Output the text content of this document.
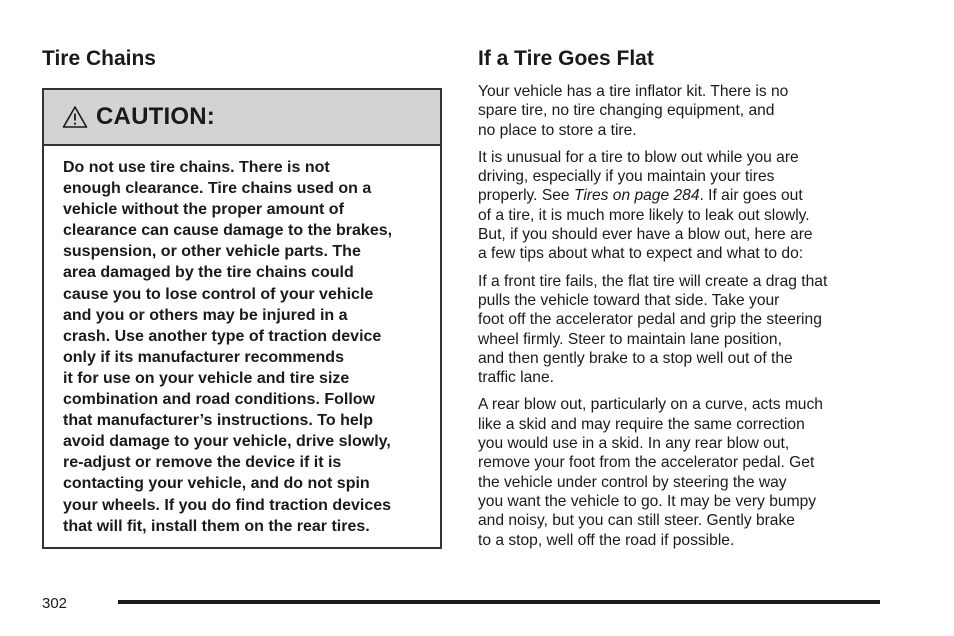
Tire Chains
CAUTION:
Do not use tire chains. There is not
enough clearance. Tire chains used on a
vehicle without the proper amount of
clearance can cause damage to the brakes,
suspension, or other vehicle parts. The
area damaged by the tire chains could
cause you to lose control of your vehicle
and you or others may be injured in a
crash. Use another type of traction device
only if its manufacturer recommends
it for use on your vehicle and tire size
combination and road conditions. Follow
that manufacturer’s instructions. To help
avoid damage to your vehicle, drive slowly,
re-adjust or remove the device if it is
contacting your vehicle, and do not spin
your wheels. If you do find traction devices
that will fit, install them on the rear tires.
If a Tire Goes Flat
Your vehicle has a tire inflator kit. There is no
spare tire, no tire changing equipment, and
no place to store a tire.
It is unusual for a tire to blow out while you are
driving, especially if you maintain your tires
properly. See Tires on page 284. If air goes out
of a tire, it is much more likely to leak out slowly.
But, if you should ever have a blow out, here are
a few tips about what to expect and what to do:
If a front tire fails, the flat tire will create a drag that
pulls the vehicle toward that side. Take your
foot off the accelerator pedal and grip the steering
wheel firmly. Steer to maintain lane position,
and then gently brake to a stop well out of the
traffic lane.
A rear blow out, particularly on a curve, acts much
like a skid and may require the same correction
you would use in a skid. In any rear blow out,
remove your foot from the accelerator pedal. Get
the vehicle under control by steering the way
you want the vehicle to go. It may be very bumpy
and noisy, but you can still steer. Gently brake
to a stop, well off the road if possible.
302
